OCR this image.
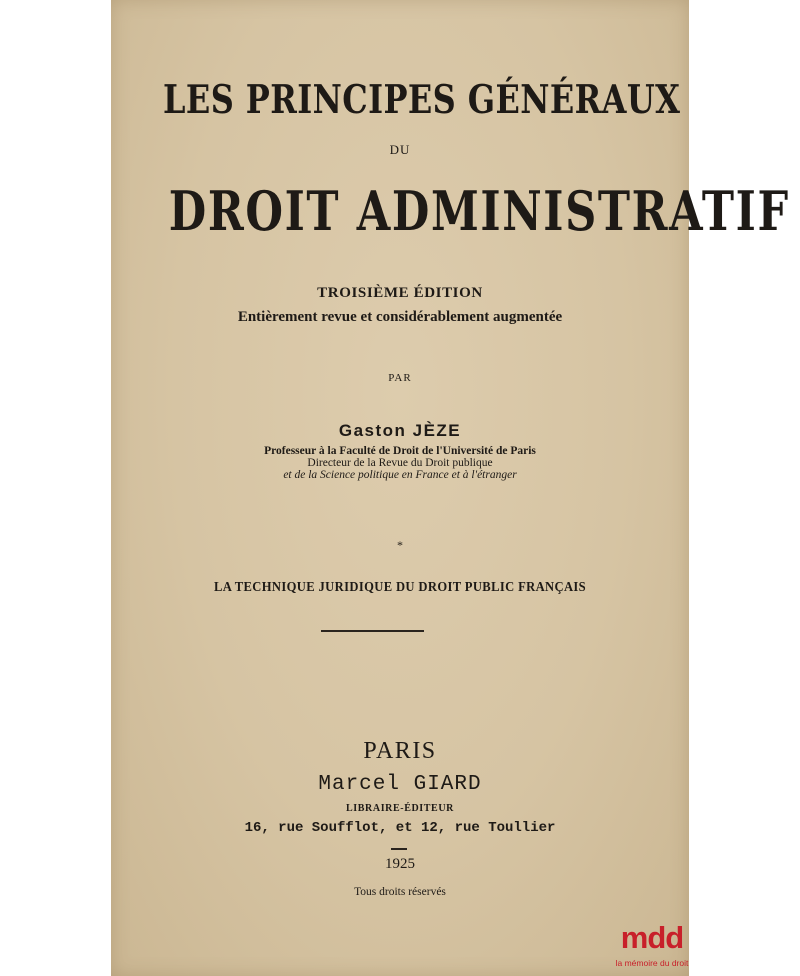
LES PRINCIPES GÉNÉRAUX
DU
DROIT ADMINISTRATIF
TROISIÈME ÉDITION
Entièrement revue et considérablement augmentée
PAR
Gaston JÈZE
Professeur à la Faculté de Droit de l'Université de Paris
Directeur de la Revue du Droit publique
et de la Science politique en France et à l'étranger
*
LA TECHNIQUE JURIDIQUE DU DROIT PUBLIC FRANÇAIS
PARIS
Marcel GIARD
LIBRAIRE-ÉDITEUR
16, rue Soufflot, et 12, rue Toullier
1925
Tous droits réservés
mdd
la mémoire du droit
